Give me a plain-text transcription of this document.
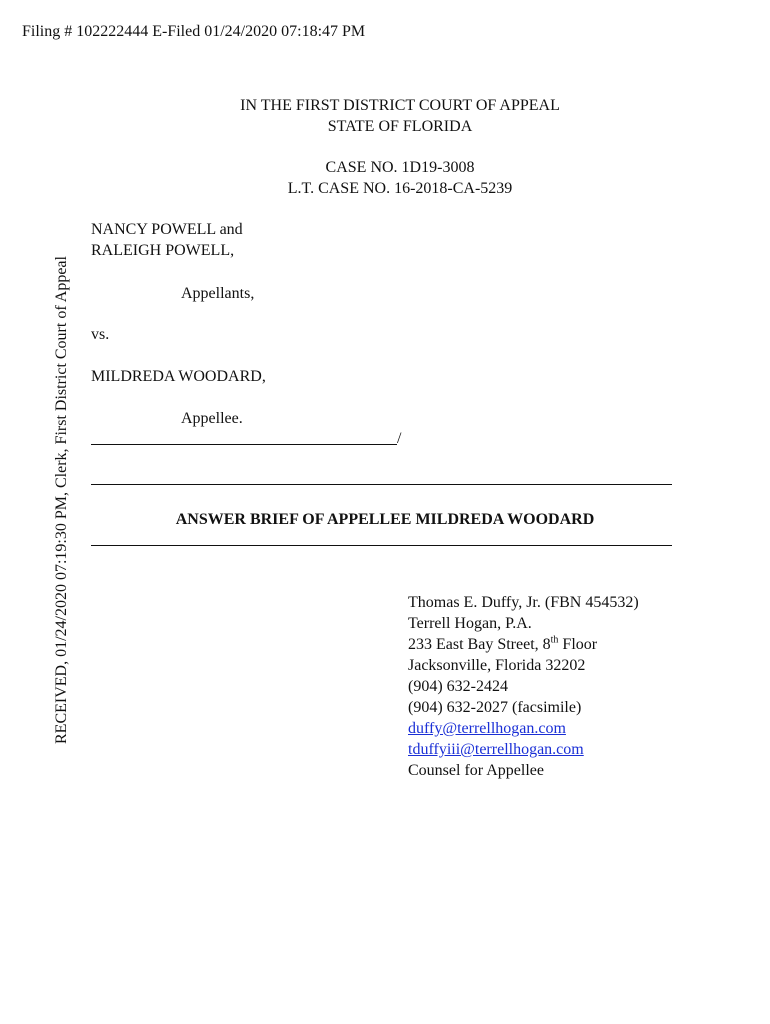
Filing # 102222444 E-Filed 01/24/2020 07:18:47 PM
RECEIVED, 01/24/2020 07:19:30 PM, Clerk, First District Court of Appeal
IN THE FIRST DISTRICT COURT OF APPEAL
STATE OF FLORIDA
CASE NO. 1D19-3008
L.T. CASE NO. 16-2018-CA-5239
NANCY POWELL and
RALEIGH POWELL,
Appellants,
vs.
MILDREDA WOODARD,
Appellee.
/
ANSWER BRIEF OF APPELLEE MILDREDA WOODARD
Thomas E. Duffy, Jr. (FBN 454532)
Terrell Hogan, P.A.
233 East Bay Street, 8th Floor
Jacksonville, Florida 32202
(904) 632-2424
(904) 632-2027 (facsimile)
duffy@terrellhogan.com
tduffyiii@terrellhogan.com
Counsel for Appellee
